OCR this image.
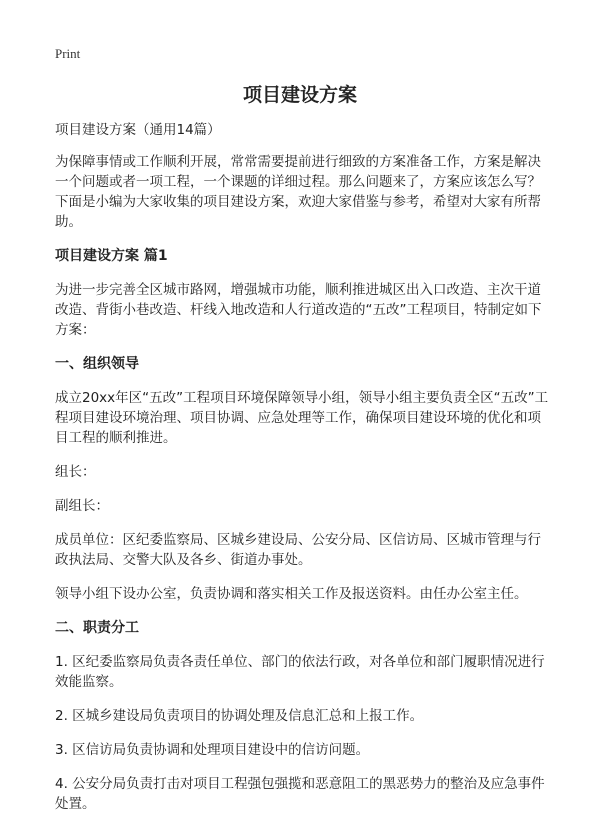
Print
项目建设方案

项目建设方案（通用14篇）

为保障事情或工作顺利开展，常常需要提前进行细致的方案准备工作，方案是解决一个问题或者一项工程，一个课题的详细过程。那么问题来了，方案应该怎么写？下面是小编为大家收集的项目建设方案，欢迎大家借鉴与参考，希望对大家有所帮助。

项目建设方案 篇1

为进一步完善全区城市路网，增强城市功能，顺利推进城区出入口改造、主次干道改造、背街小巷改造、杆线入地改造和人行道改造的“五改”工程项目，特制定如下方案：

一、组织领导

成立20xx年区“五改”工程项目环境保障领导小组，领导小组主要负责全区“五改”工程项目建设环境治理、项目协调、应急处理等工作，确保项目建设环境的优化和项目工程的顺利推进。

组长：

副组长：

成员单位：区纪委监察局、区城乡建设局、公安分局、区信访局、区城市管理与行政执法局、交警大队及各乡、街道办事处。

领导小组下设办公室，负责协调和落实相关工作及报送资料。由任办公室主任。

二、职责分工

1. 区纪委监察局负责各责任单位、部门的依法行政，对各单位和部门履职情况进行效能监察。

2. 区城乡建设局负责项目的协调处理及信息汇总和上报工作。

3. 区信访局负责协调和处理项目建设中的信访问题。

4. 公安分局负责打击对项目工程强包强揽和恶意阻工的黑恶势力的整治及应急事件处置。
